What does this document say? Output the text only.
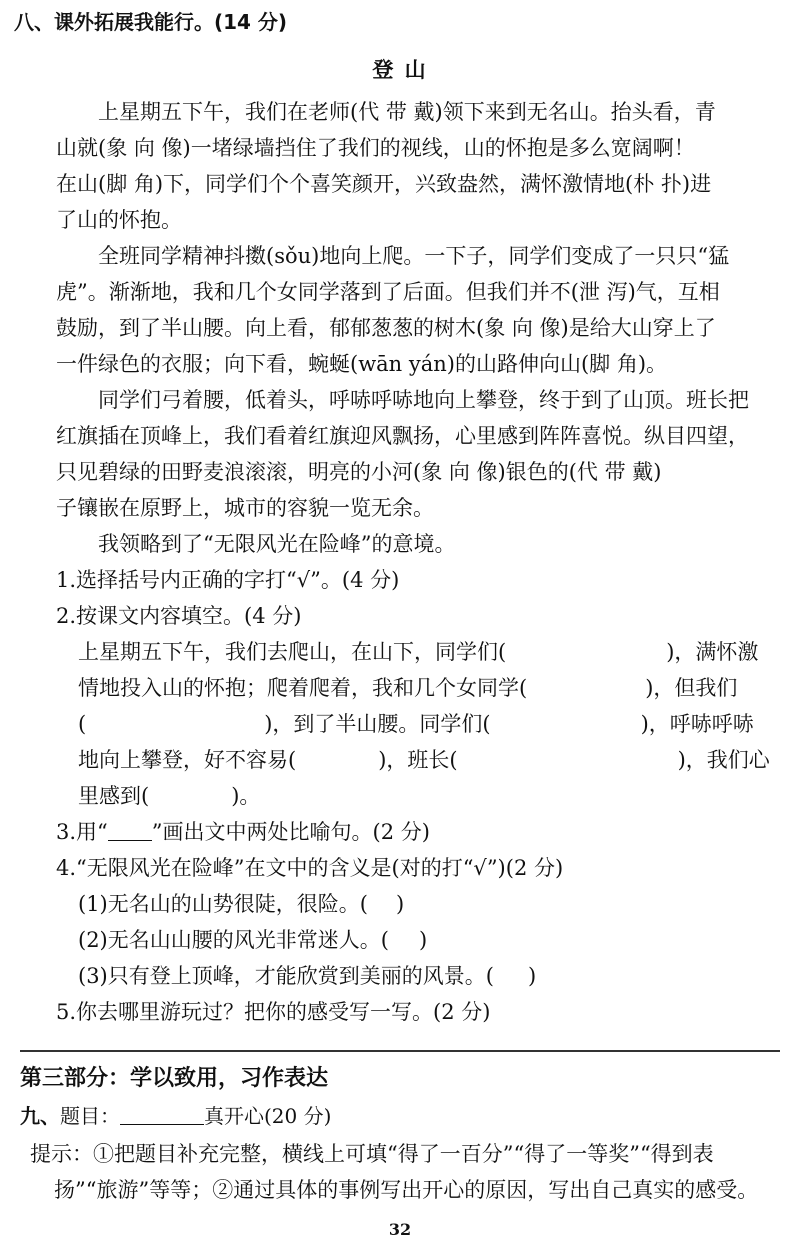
八、课外拓展我能行。(14 分)
登 山
上星期五下午，我们在老师(代 带 戴)领下来到无名山。抬头看，青
山就(象 向 像)一堵绿墙挡住了我们的视线，山的怀抱是多么宽阔啊！
在山(脚 角)下，同学们个个喜笑颜开，兴致盎然，满怀激情地(朴 扑)进
了山的怀抱。
全班同学精神抖擞(sǒu)地向上爬。一下子，同学们变成了一只只“猛
虎”。渐渐地，我和几个女同学落到了后面。但我们并不(泄 泻)气，互相
鼓励，到了半山腰。向上看，郁郁葱葱的树木(象 向 像)是给大山穿上了
一件绿色的衣服；向下看，蜿蜒(wān yán)的山路伸向山(脚 角)。
同学们弓着腰，低着头，呼哧呼哧地向上攀登，终于到了山顶。班长把
红旗插在顶峰上，我们看着红旗迎风飘扬，心里感到阵阵喜悦。纵目四望，
只见碧绿的田野麦浪滚滚，明亮的小河(象 向 像)银色的(代 带 戴)
子镶嵌在原野上，城市的容貌一览无余。
我领略到了“无限风光在险峰”的意境。
1.选择括号内正确的字打“√”。(4 分)
2.按课文内容填空。(4 分)
上星期五下午，我们去爬山，在山下，同学们(	)，满怀激
情地投入山的怀抱；爬着爬着，我和几个女同学(	)，但我们
(	)，到了半山腰。同学们(	)，呼哧呼哧
地向上攀登，好不容易(	)，班长(	)，我们心
里感到(	)。
3.用“ ”画出文中两处比喻句。(2 分)
4.“无限风光在险峰”在文中的含义是(对的打“√”)(2 分)
(1)无名山的山势很陡，很险。( )
(2)无名山山腰的风光非常迷人。( )
(3)只有登上顶峰，才能欣赏到美丽的风景。( )
5.你去哪里游玩过？把你的感受写一写。(2 分)
第三部分：学以致用，习作表达
九、题目：	真开心(20 分)
提示：①把题目补充完整，横线上可填“得了一百分”“得了一等奖”“得到表
扬”“旅游”等等；②通过具体的事例写出开心的原因，写出自己真实的感受。
32
